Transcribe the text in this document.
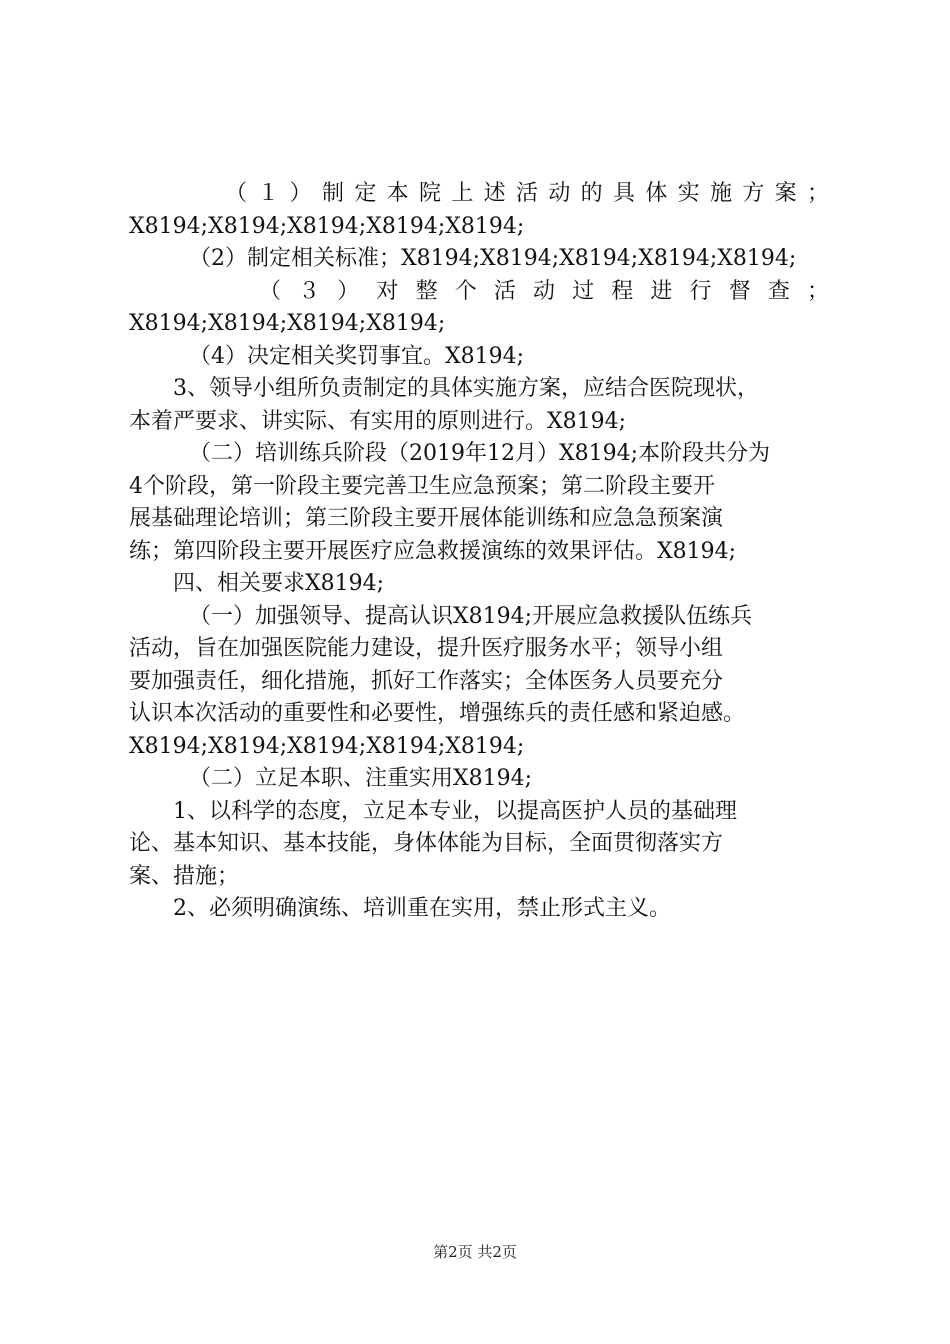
（１）制定本院上述活动的具体实施方案；
X8194;X8194;X8194;X8194;X8194;
（2）制定相关标准；X8194;X8194;X8194;X8194;X8194;
（３）对整个活动过程进行督查；
X8194;X8194;X8194;X8194;
（4）决定相关奖罚事宜。X8194;
3、领导小组所负责制定的具体实施方案，应结合医院现状，
本着严要求、讲实际、有实用的原则进行。X8194;
（二）培训练兵阶段（2019年12月）X8194;本阶段共分为
4个阶段，第一阶段主要完善卫生应急预案；第二阶段主要开
展基础理论培训；第三阶段主要开展体能训练和应急急预案演
练；第四阶段主要开展医疗应急救援演练的效果评估。X8194;
四、相关要求X8194;
（一）加强领导、提高认识X8194;开展应急救援队伍练兵
活动，旨在加强医院能力建设，提升医疗服务水平；领导小组
要加强责任，细化措施，抓好工作落实；全体医务人员要充分
认识本次活动的重要性和必要性，增强练兵的责任感和紧迫感。
X8194;X8194;X8194;X8194;X8194;
（二）立足本职、注重实用X8194;
1、以科学的态度，立足本专业，以提高医护人员的基础理
论、基本知识、基本技能，身体体能为目标，全面贯彻落实方
案、措施；
2、必须明确演练、培训重在实用，禁止形式主义。
第2页 共2页
